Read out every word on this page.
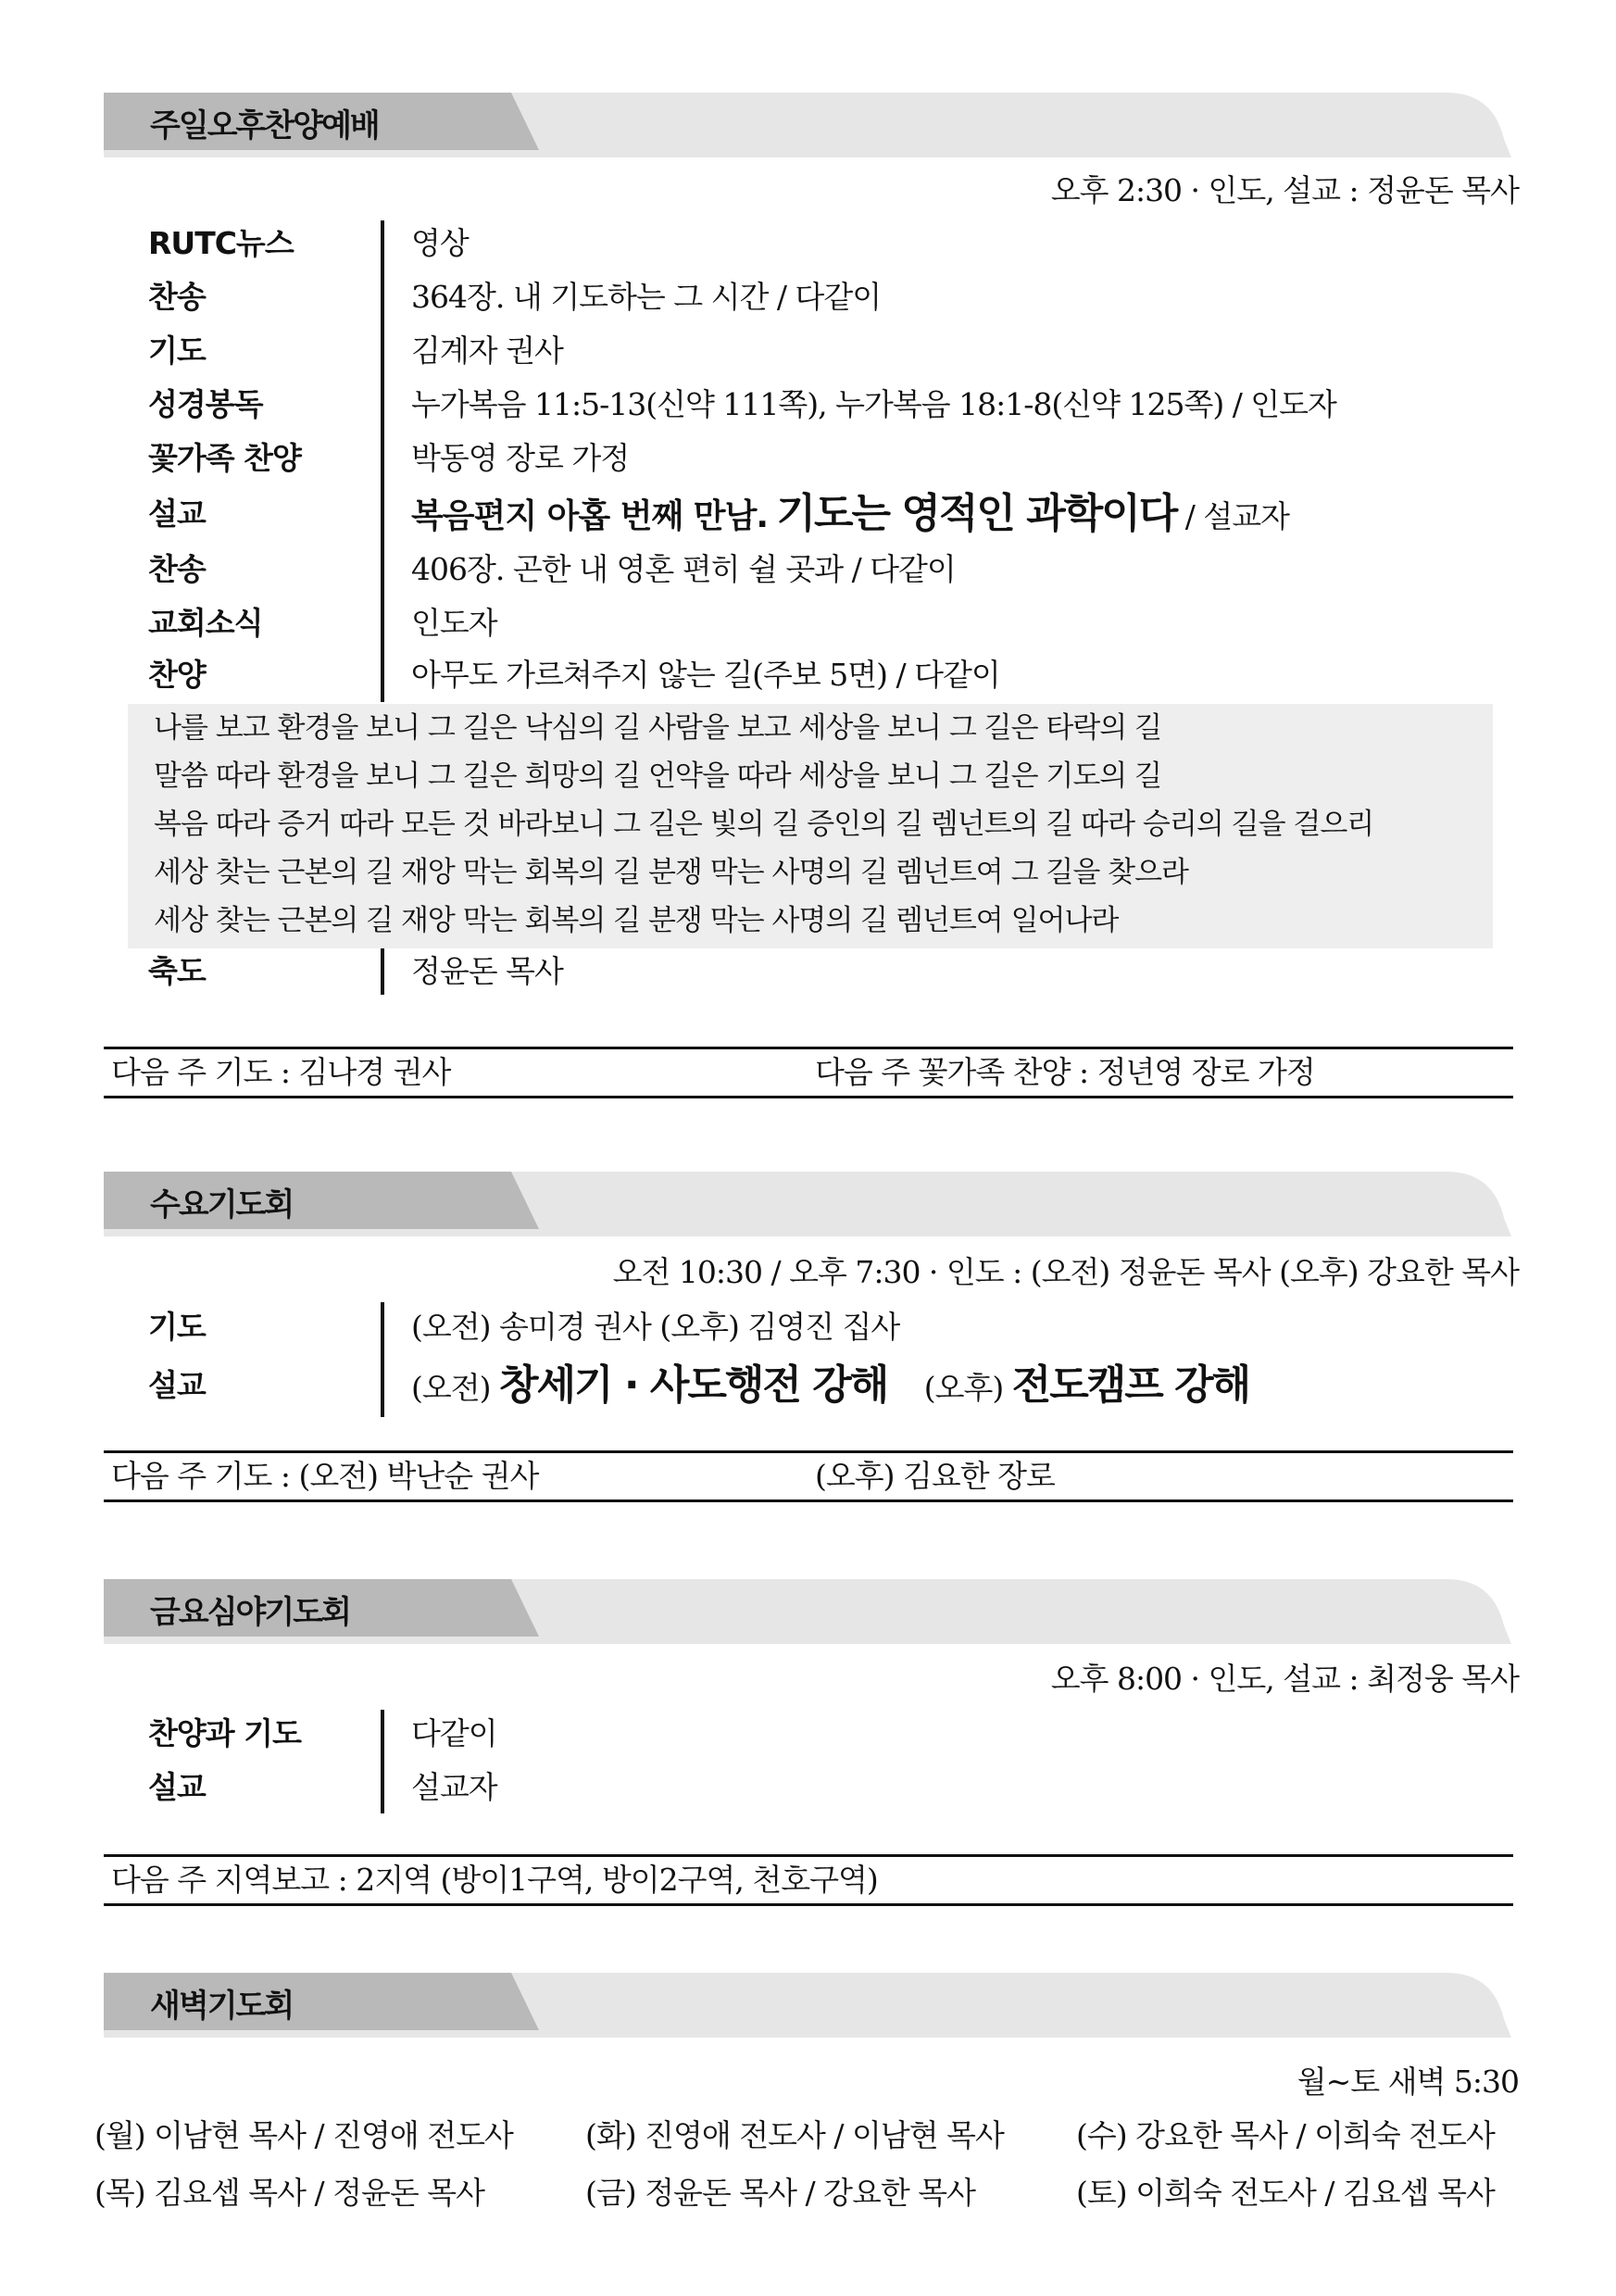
주일오후찬양예배
오후 2:30 · 인도, 설교 : 정윤돈 목사
RUTC뉴스	영상
찬송	364장. 내 기도하는 그 시간 / 다같이
기도	김계자 권사
성경봉독	누가복음 11:5-13(신약 111쪽), 누가복음 18:1-8(신약 125쪽) / 인도자
꽃가족 찬양	박동영 장로 가정
설교	복음편지 아홉 번째 만남. 기도는 영적인 과학이다 / 설교자
찬송	406장. 곤한 내 영혼 편히 쉴 곳과 / 다같이
교회소식	인도자
찬양	아무도 가르쳐주지 않는 길(주보 5면) / 다같이
나를 보고 환경을 보니 그 길은 낙심의 길 사람을 보고 세상을 보니 그 길은 타락의 길
말씀 따라 환경을 보니 그 길은 희망의 길 언약을 따라 세상을 보니 그 길은 기도의 길
복음 따라 증거 따라 모든 것 바라보니 그 길은 빛의 길 증인의 길 렘넌트의 길 따라 승리의 길을 걸으리
세상 찾는 근본의 길 재앙 막는 회복의 길 분쟁 막는 사명의 길 렘넌트여 그 길을 찾으라
세상 찾는 근본의 길 재앙 막는 회복의 길 분쟁 막는 사명의 길 렘넌트여 일어나라
축도	정윤돈 목사
다음 주 기도 : 김나경 권사	다음 주 꽃가족 찬양 : 정년영 장로 가정
수요기도회
오전 10:30 / 오후 7:30 · 인도 : (오전) 정윤돈 목사 (오후) 강요한 목사
기도	(오전) 송미경 권사 (오후) 김영진 집사
설교	(오전) 창세기 · 사도행전 강해 (오후) 전도캠프 강해
다음 주 기도 : (오전) 박난순 권사	(오후) 김요한 장로
금요심야기도회
오후 8:00 · 인도, 설교 : 최정웅 목사
찬양과 기도	다같이
설교	설교자
다음 주 지역보고 : 2지역 (방이1구역, 방이2구역, 천호구역)
새벽기도회
월~토 새벽 5:30
(월) 이남현 목사 / 진영애 전도사 (화) 진영애 전도사 / 이남현 목사 (수) 강요한 목사 / 이희숙 전도사
(목) 김요셉 목사 / 정윤돈 목사	(금) 정윤돈 목사 / 강요한 목사	(토) 이희숙 전도사 / 김요셉 목사
